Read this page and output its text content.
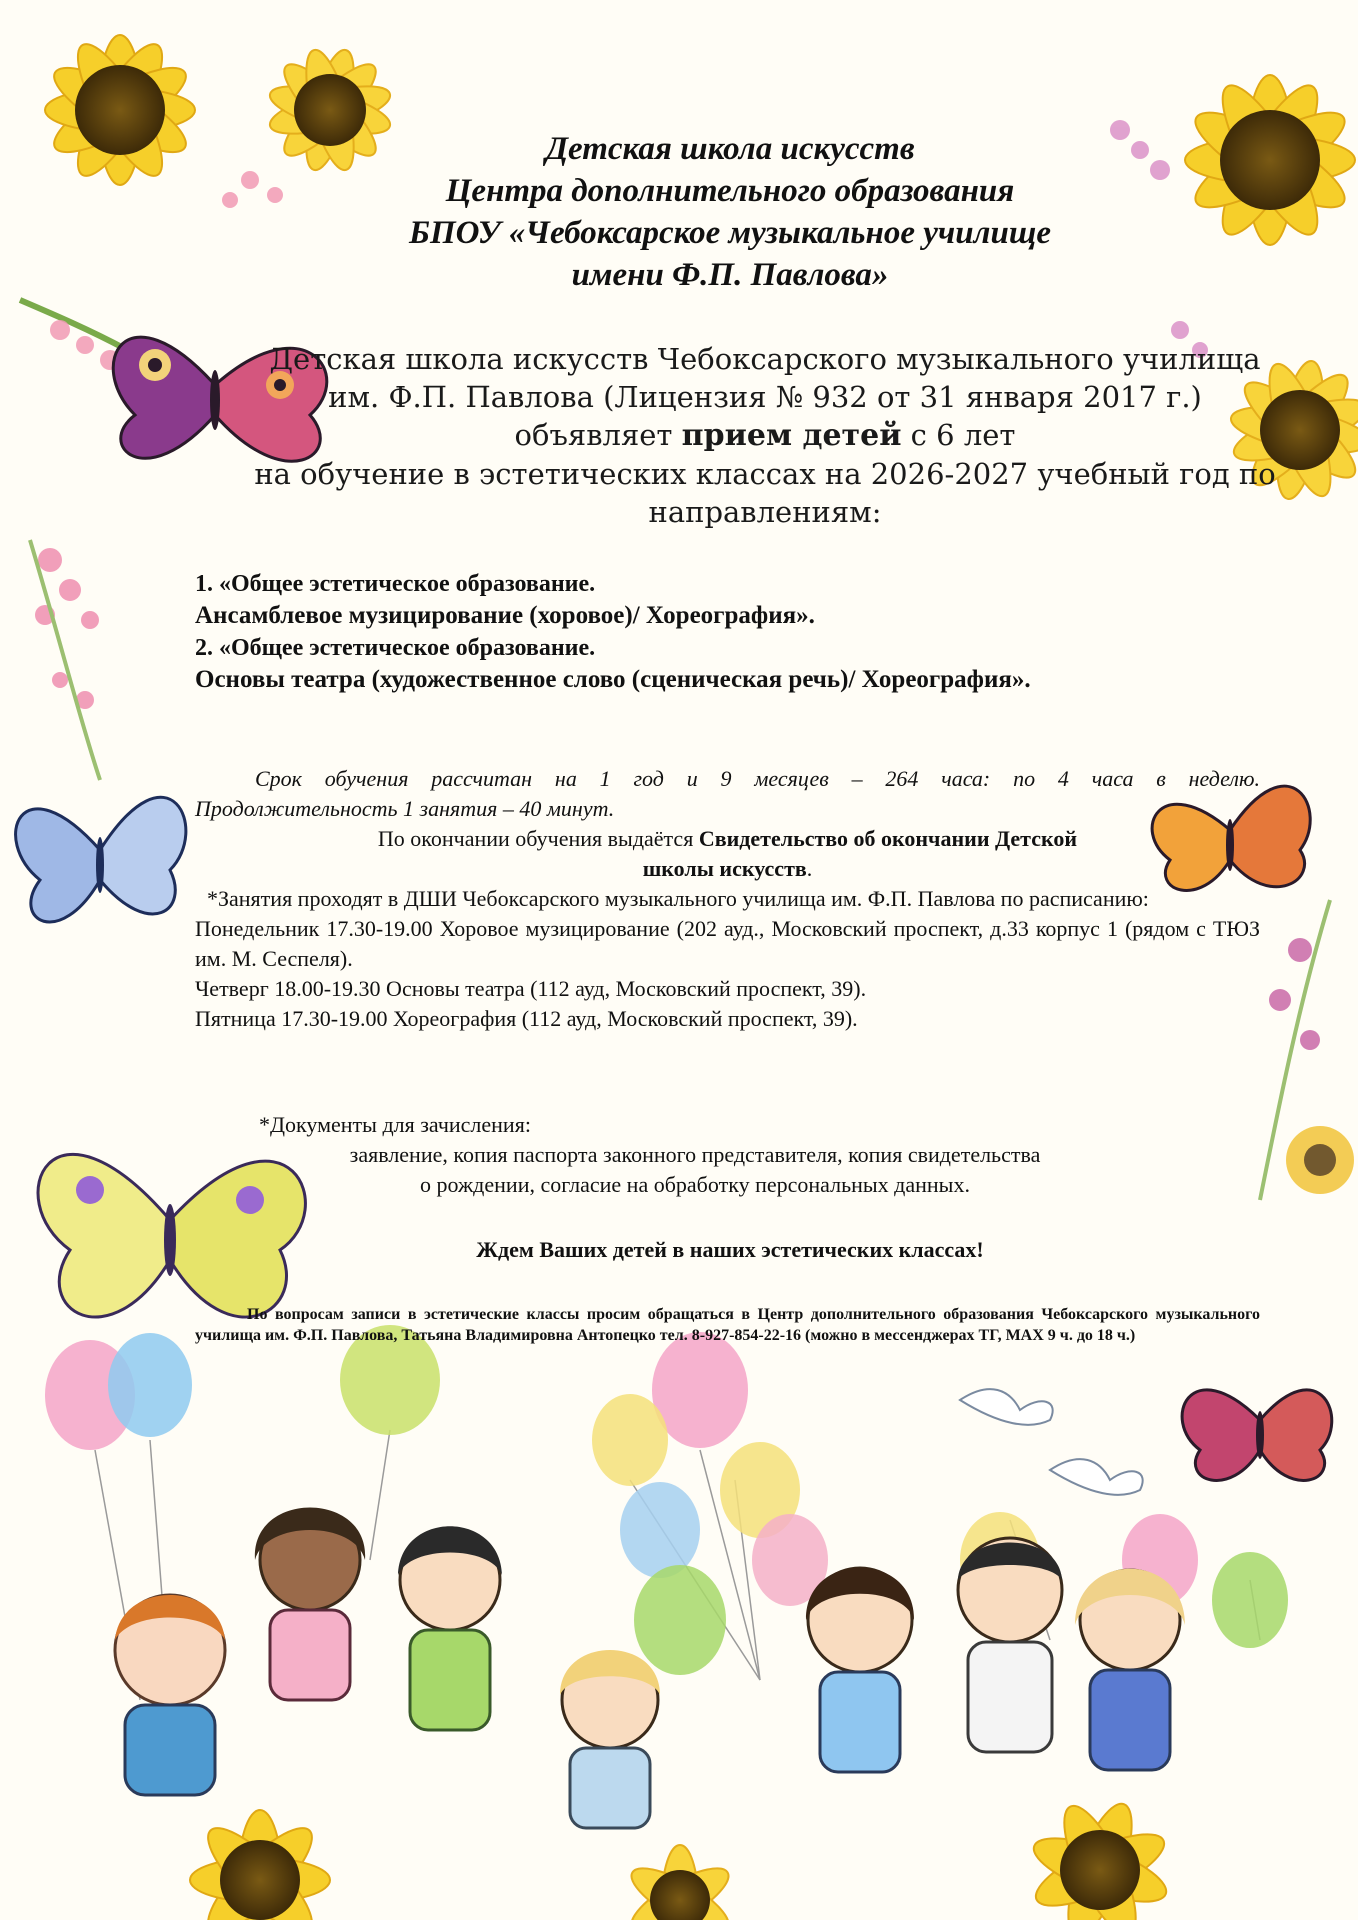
Детская школа искусств
Центра дополнительного образования
БПОУ «Чебоксарское музыкальное училище
имени Ф.П. Павлова»
Детская школа искусств Чебоксарского музыкального училища
им. Ф.П. Павлова (Лицензия № 932 от 31 января 2017 г.)
объявляет прием детей с 6 лет
на обучение в эстетических классах на 2026-2027 учебный год по
направлениям:
1. «Общее эстетическое образование.
Ансамблевое музицирование (хоровое)/ Хореография».
2. «Общее эстетическое образование.
Основы театра (художественное слово (сценическая речь)/ Хореография».
Срок обучения рассчитан на 1 год и 9 месяцев – 264 часа: по 4 часа в неделю.
Продолжительность 1 занятия – 40 минут.
По окончании обучения выдаётся Свидетельство об окончании Детской
школы искусств.
*Занятия проходят в ДШИ Чебоксарского музыкального училища им. Ф.П. Павлова по расписанию:
Понедельник 17.30-19.00 Хоровое музицирование (202 ауд., Московский проспект, д.33 корпус 1 (рядом с ТЮЗ им. М. Сеспеля).
Четверг 18.00-19.30 Основы театра (112 ауд, Московский проспект, 39).
Пятница 17.30-19.00 Хореография (112 ауд, Московский проспект, 39).
*Документы для зачисления:
заявление, копия паспорта законного представителя, копия свидетельства
о рождении, согласие на обработку персональных данных.
Ждем Ваших детей в наших эстетических классах!
По вопросам записи в эстетические классы просим обращаться в Центр дополнительного образования Чебоксарского музыкального училища им. Ф.П. Павлова, Татьяна Владимировна Антопецко тел. 8-927-854-22-16 (можно в мессенджерах ТГ, МАХ 9 ч. до 18 ч.)
